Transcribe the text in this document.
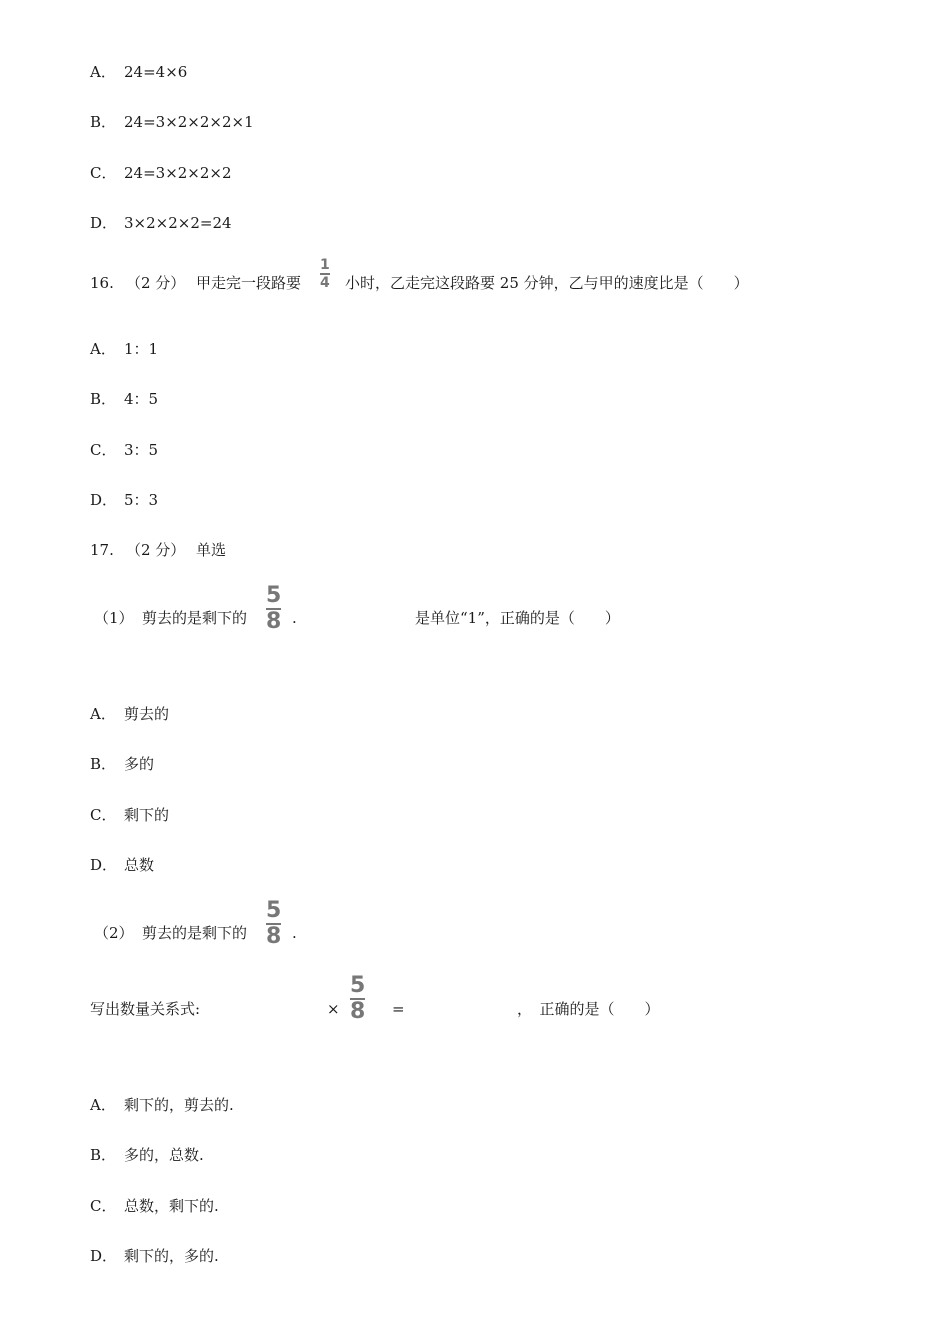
A． 24=4×6
B． 24=3×2×2×2×1
C． 24=3×2×2×2
D． 3×2×2×2=24
16. （2 分） 甲走完一段路要
1
4 小时，乙走完这段路要 25 分钟，乙与甲的速度比是（　　）
A． 1：1
B． 4：5
C． 3：5
D． 5：3
17. （2 分） 单选
（1） 剪去的是剩下的
5
8 .	是单位“1”，正确的是（　　）
A． 剪去的
B． 多的
C． 剩下的
D． 总数
（2） 剪去的是剩下的
5
8 .
写出数量关系式:	×
5
8 =	，　正确的是（　　）
A． 剩下的，剪去的.
B． 多的，总数.
C． 总数，剩下的.
D． 剩下的，多的.
